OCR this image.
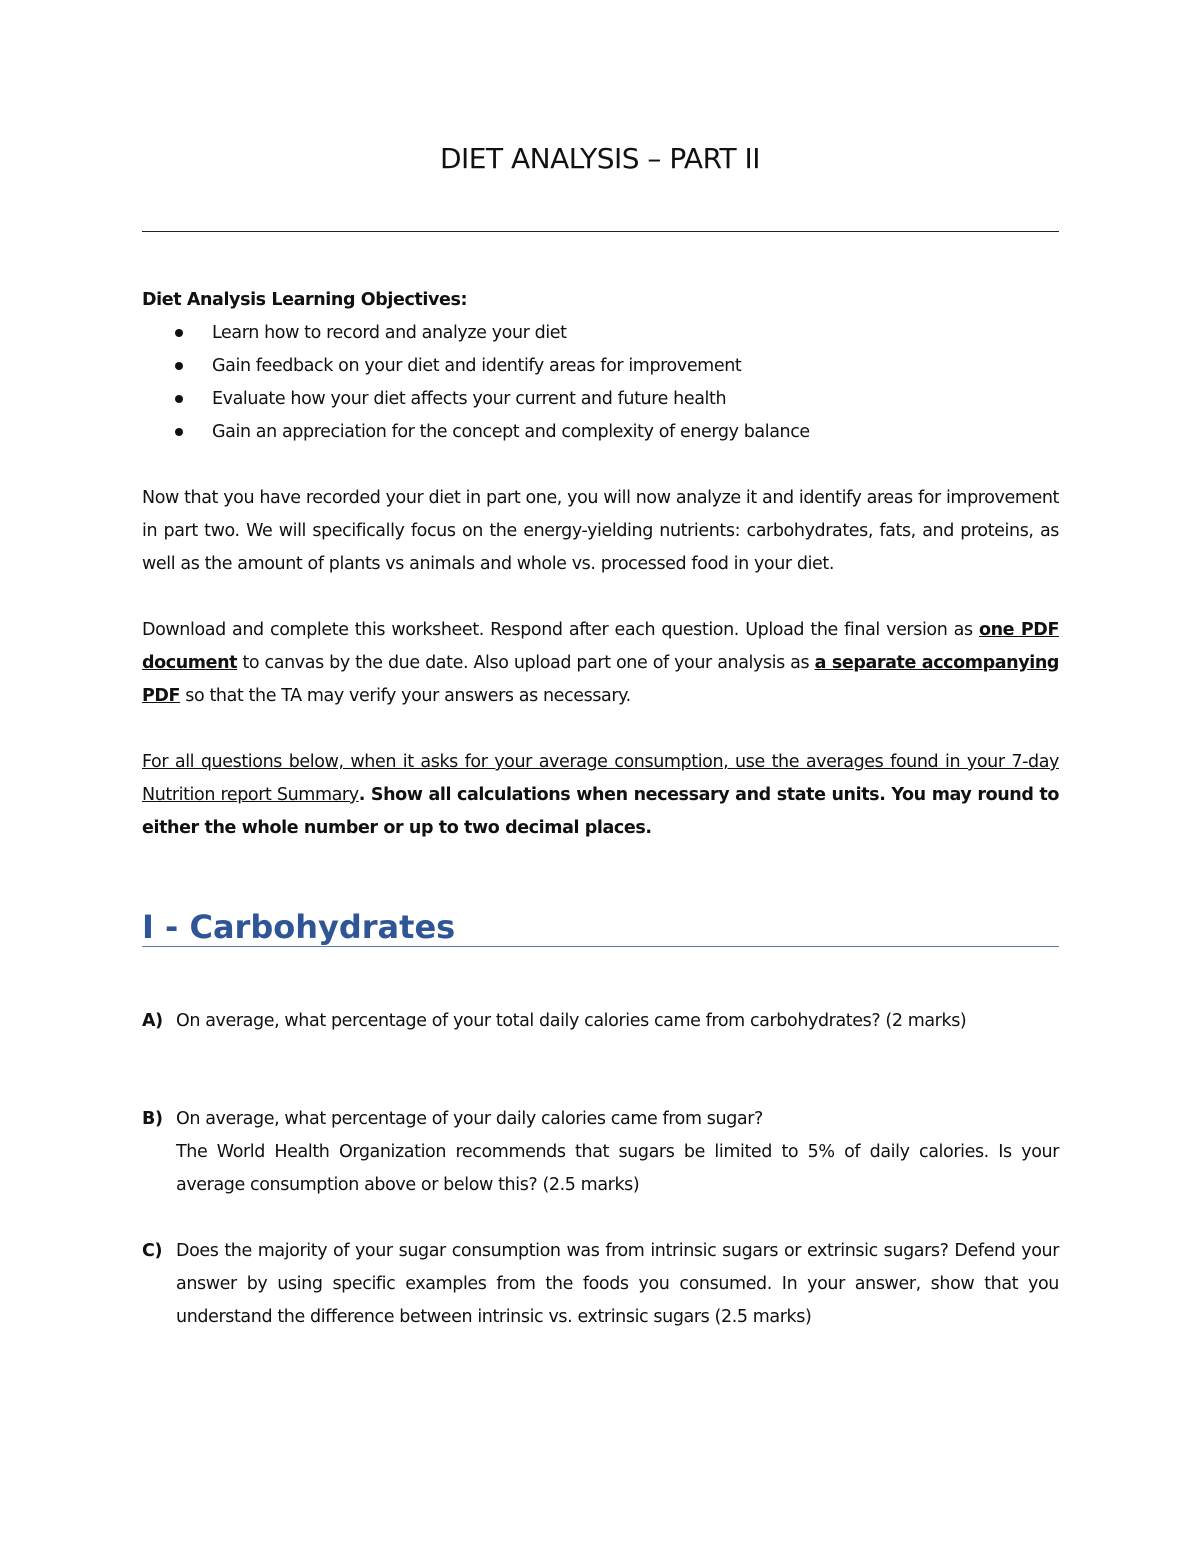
DIET ANALYSIS – PART II

Diet Analysis Learning Objectives:

Learn how to record and analyze your diet
Gain feedback on your diet and identify areas for improvement
Evaluate how your diet affects your current and future health
Gain an appreciation for the concept and complexity of energy balance

Now that you have recorded your diet in part one, you will now analyze it and identify areas for improvement in part two. We will specifically focus on the energy-yielding nutrients: carbohydrates, fats, and proteins, as well as the amount of plants vs animals and whole vs. processed food in your diet.

Download and complete this worksheet. Respond after each question. Upload the final version as one PDF document to canvas by the due date. Also upload part one of your analysis as a separate accompanying PDF so that the TA may verify your answers as necessary.

For all questions below, when it asks for your average consumption, use the averages found in your 7-day Nutrition report Summary. Show all calculations when necessary and state units. You may round to either the whole number or up to two decimal places.

I - Carbohydrates
A) On average, what percentage of your total daily calories came from carbohydrates? (2 marks)
B) On average, what percentage of your daily calories came from sugar?
The World Health Organization recommends that sugars be limited to 5% of daily calories. Is your average consumption above or below this? (2.5 marks)
C) Does the majority of your sugar consumption was from intrinsic sugars or extrinsic sugars? Defend your answer by using specific examples from the foods you consumed. In your answer, show that you understand the difference between intrinsic vs. extrinsic sugars (2.5 marks)
